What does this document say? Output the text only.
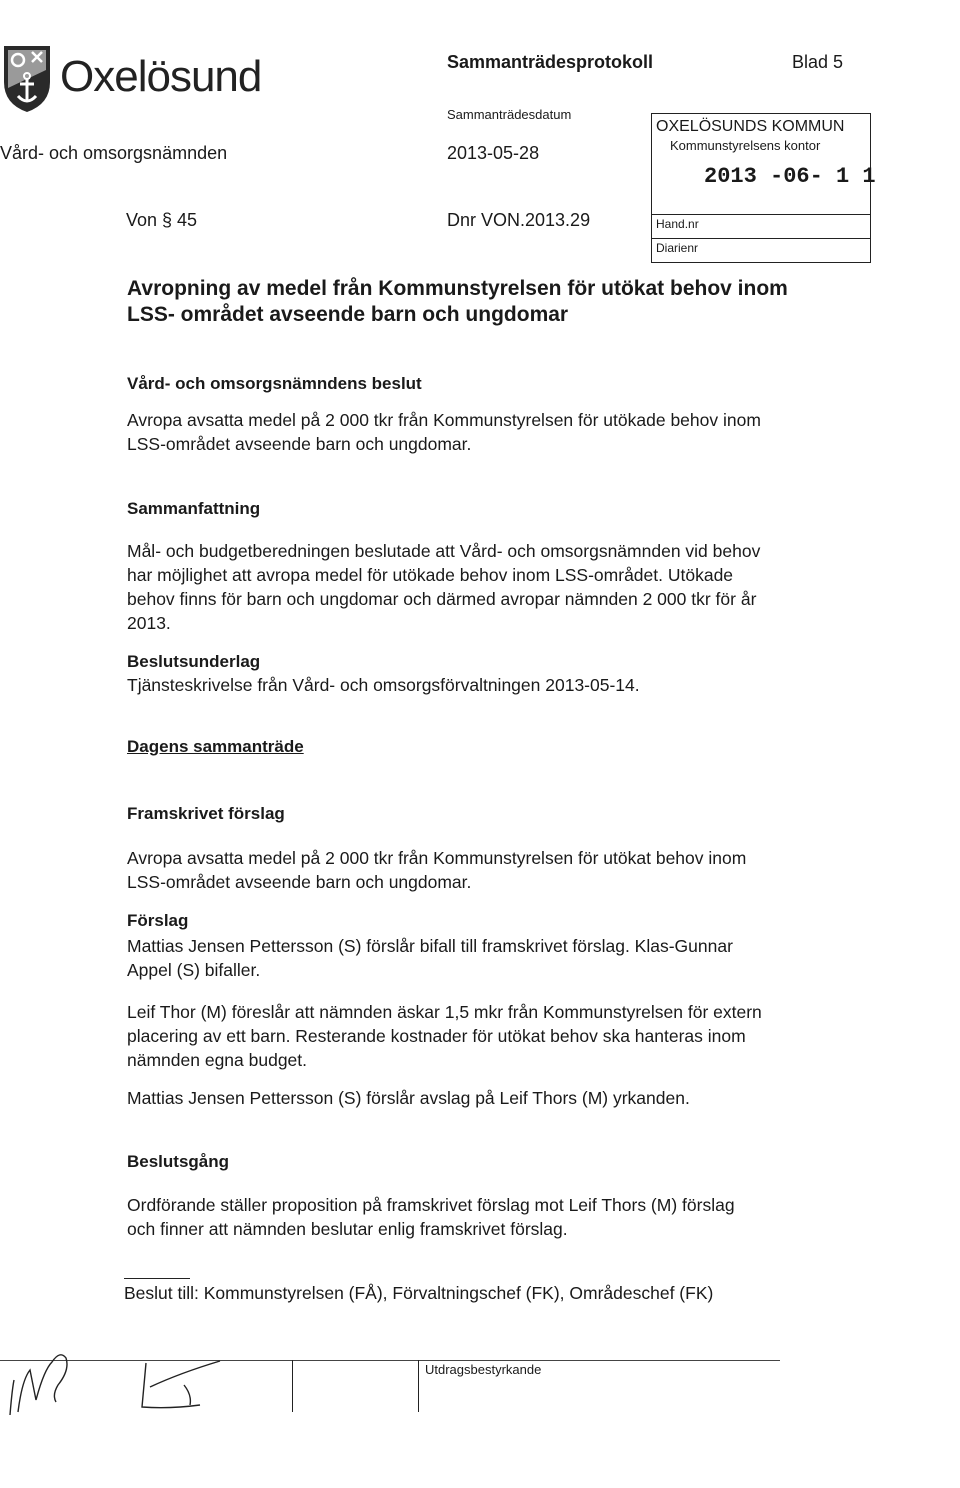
Oxelösund
Vård- och omsorgsnämnden
Von § 45
Sammanträdesprotokoll	Blad 5
Sammanträdesdatum
2013-05-28
Dnr VON.2013.29
OXELÖSUNDS KOMMUN
Kommunstyrelsens kontor
2013 -06- 1 1
Hand.nr
Diarienr
Avropning av medel från Kommunstyrelsen för utökat behov inom
LSS- området avseende barn och ungdomar
Vård- och omsorgsnämndens beslut
Avropa avsatta medel på 2 000 tkr från Kommunstyrelsen för utökade behov inom
LSS-området avseende barn och ungdomar.
Sammanfattning
Mål- och budgetberedningen beslutade att Vård- och omsorgsnämnden vid behov
har möjlighet att avropa medel för utökade behov inom LSS-området. Utökade
behov finns för barn och ungdomar och därmed avropar nämnden 2 000 tkr för år
2013.
Beslutsunderlag
Tjänsteskrivelse från Vård- och omsorgsförvaltningen 2013-05-14.
Dagens sammanträde
Framskrivet förslag
Avropa avsatta medel på 2 000 tkr från Kommunstyrelsen för utökat behov inom
LSS-området avseende barn och ungdomar.
Förslag
Mattias Jensen Pettersson (S) förslår bifall till framskrivet förslag. Klas-Gunnar
Appel (S) bifaller.
Leif Thor (M) föreslår att nämnden äskar 1,5 mkr från Kommunstyrelsen för extern
placering av ett barn. Resterande kostnader för utökat behov ska hanteras inom
nämnden egna budget.
Mattias Jensen Pettersson (S) förslår avslag på Leif Thors (M) yrkanden.
Beslutsgång
Ordförande ställer proposition på framskrivet förslag mot Leif Thors (M) förslag
och finner att nämnden beslutar enlig framskrivet förslag.
Beslut till: Kommunstyrelsen (FÅ), Förvaltningschef (FK), Områdeschef (FK)
Utdragsbestyrkande
